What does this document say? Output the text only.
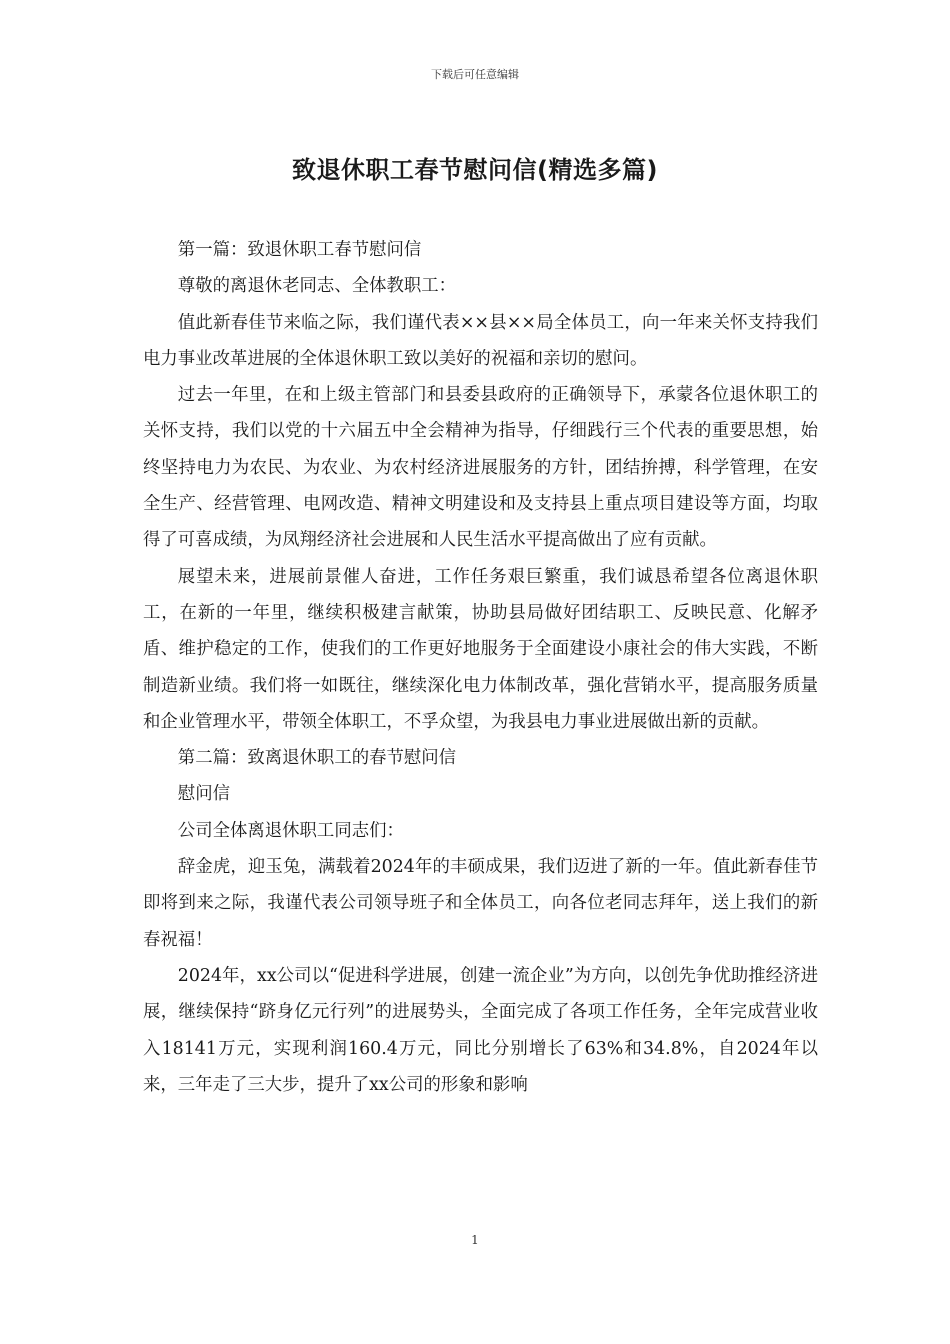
下载后可任意编辑
致退休职工春节慰问信(精选多篇)

第一篇：致退休职工春节慰问信

尊敬的离退休老同志、全体教职工：

值此新春佳节来临之际，我们谨代表××县××局全体员工，向一年来关怀支持我们电力事业改革进展的全体退休职工致以美好的祝福和亲切的慰问。

过去一年里，在和上级主管部门和县委县政府的正确领导下，承蒙各位退休职工的关怀支持，我们以党的十六届五中全会精神为指导，仔细践行三个代表的重要思想，始终坚持电力为农民、为农业、为农村经济进展服务的方针，团结拚搏，科学管理，在安全生产、经营管理、电网改造、精神文明建设和及支持县上重点项目建设等方面，均取得了可喜成绩，为凤翔经济社会进展和人民生活水平提高做出了应有贡献。

展望未来，进展前景催人奋进，工作任务艰巨繁重，我们诚恳希望各位离退休职工，在新的一年里，继续积极建言献策，协助县局做好团结职工、反映民意、化解矛盾、维护稳定的工作，使我们的工作更好地服务于全面建设小康社会的伟大实践，不断制造新业绩。我们将一如既往，继续深化电力体制改革，强化营销水平，提高服务质量和企业管理水平，带领全体职工，不孚众望，为我县电力事业进展做出新的贡献。

第二篇：致离退休职工的春节慰问信

慰问信

公司全体离退休职工同志们：

辞金虎，迎玉兔，满载着2024年的丰硕成果，我们迈进了新的一年。值此新春佳节即将到来之际，我谨代表公司领导班子和全体员工，向各位老同志拜年，送上我们的新春祝福！

2024年，xx公司以“促进科学进展，创建一流企业”为方向，以创先争优助推经济进展，继续保持“跻身亿元行列”的进展势头，全面完成了各项工作任务，全年完成营业收入18141万元，实现利润160.4万元，同比分别增长了63%和34.8%，自2024年以来，三年走了三大步，提升了xx公司的形象和影响

1
